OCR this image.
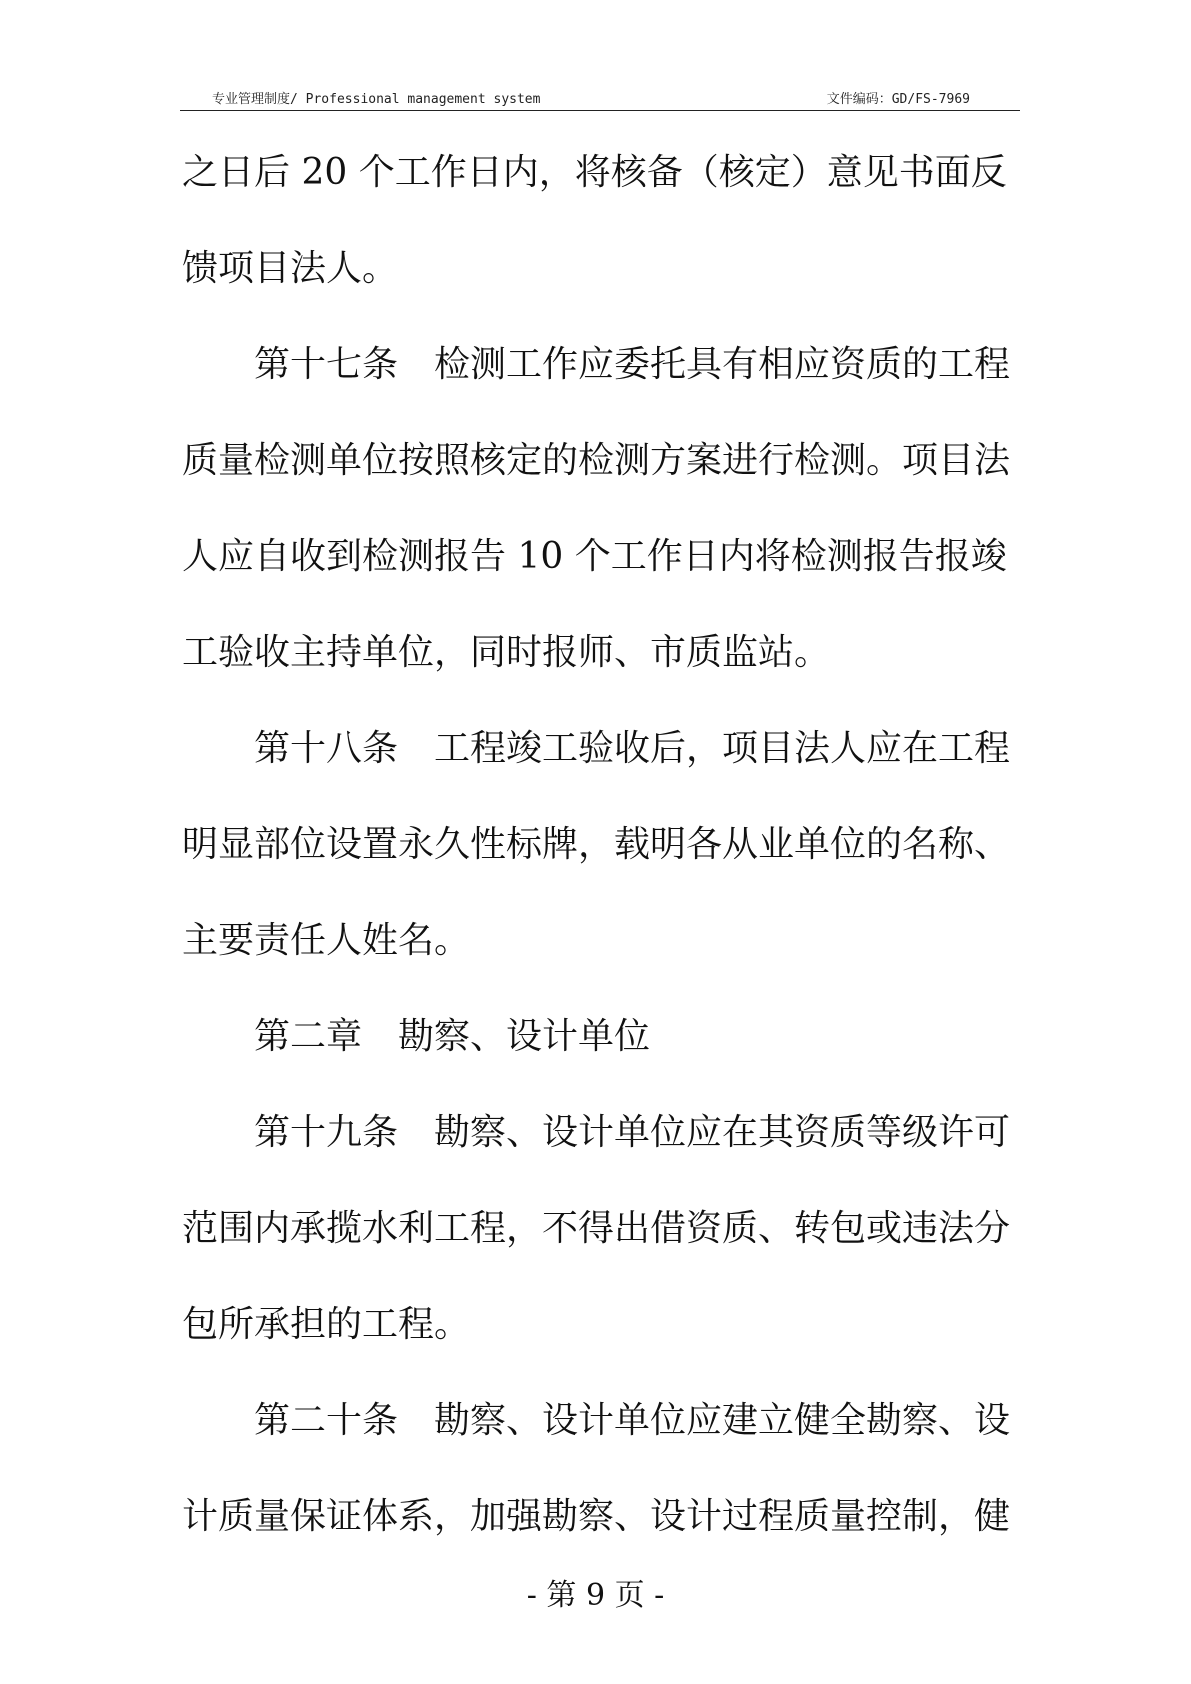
专业管理制度/ Professional management system	文件编码：GD/FS-7969
之日后 20 个工作日内，将核备（核定）意见书面反
馈项目法人。
第十七条　检测工作应委托具有相应资质的工程
质量检测单位按照核定的检测方案进行检测。项目法
人应自收到检测报告 10 个工作日内将检测报告报竣
工验收主持单位，同时报师、市质监站。
第十八条　工程竣工验收后，项目法人应在工程
明显部位设置永久性标牌，载明各从业单位的名称、
主要责任人姓名。
第二章　勘察、设计单位
第十九条　勘察、设计单位应在其资质等级许可
范围内承揽水利工程，不得出借资质、转包或违法分
包所承担的工程。
第二十条　勘察、设计单位应建立健全勘察、设
计质量保证体系，加强勘察、设计过程质量控制，健
- 第 9 页 -
